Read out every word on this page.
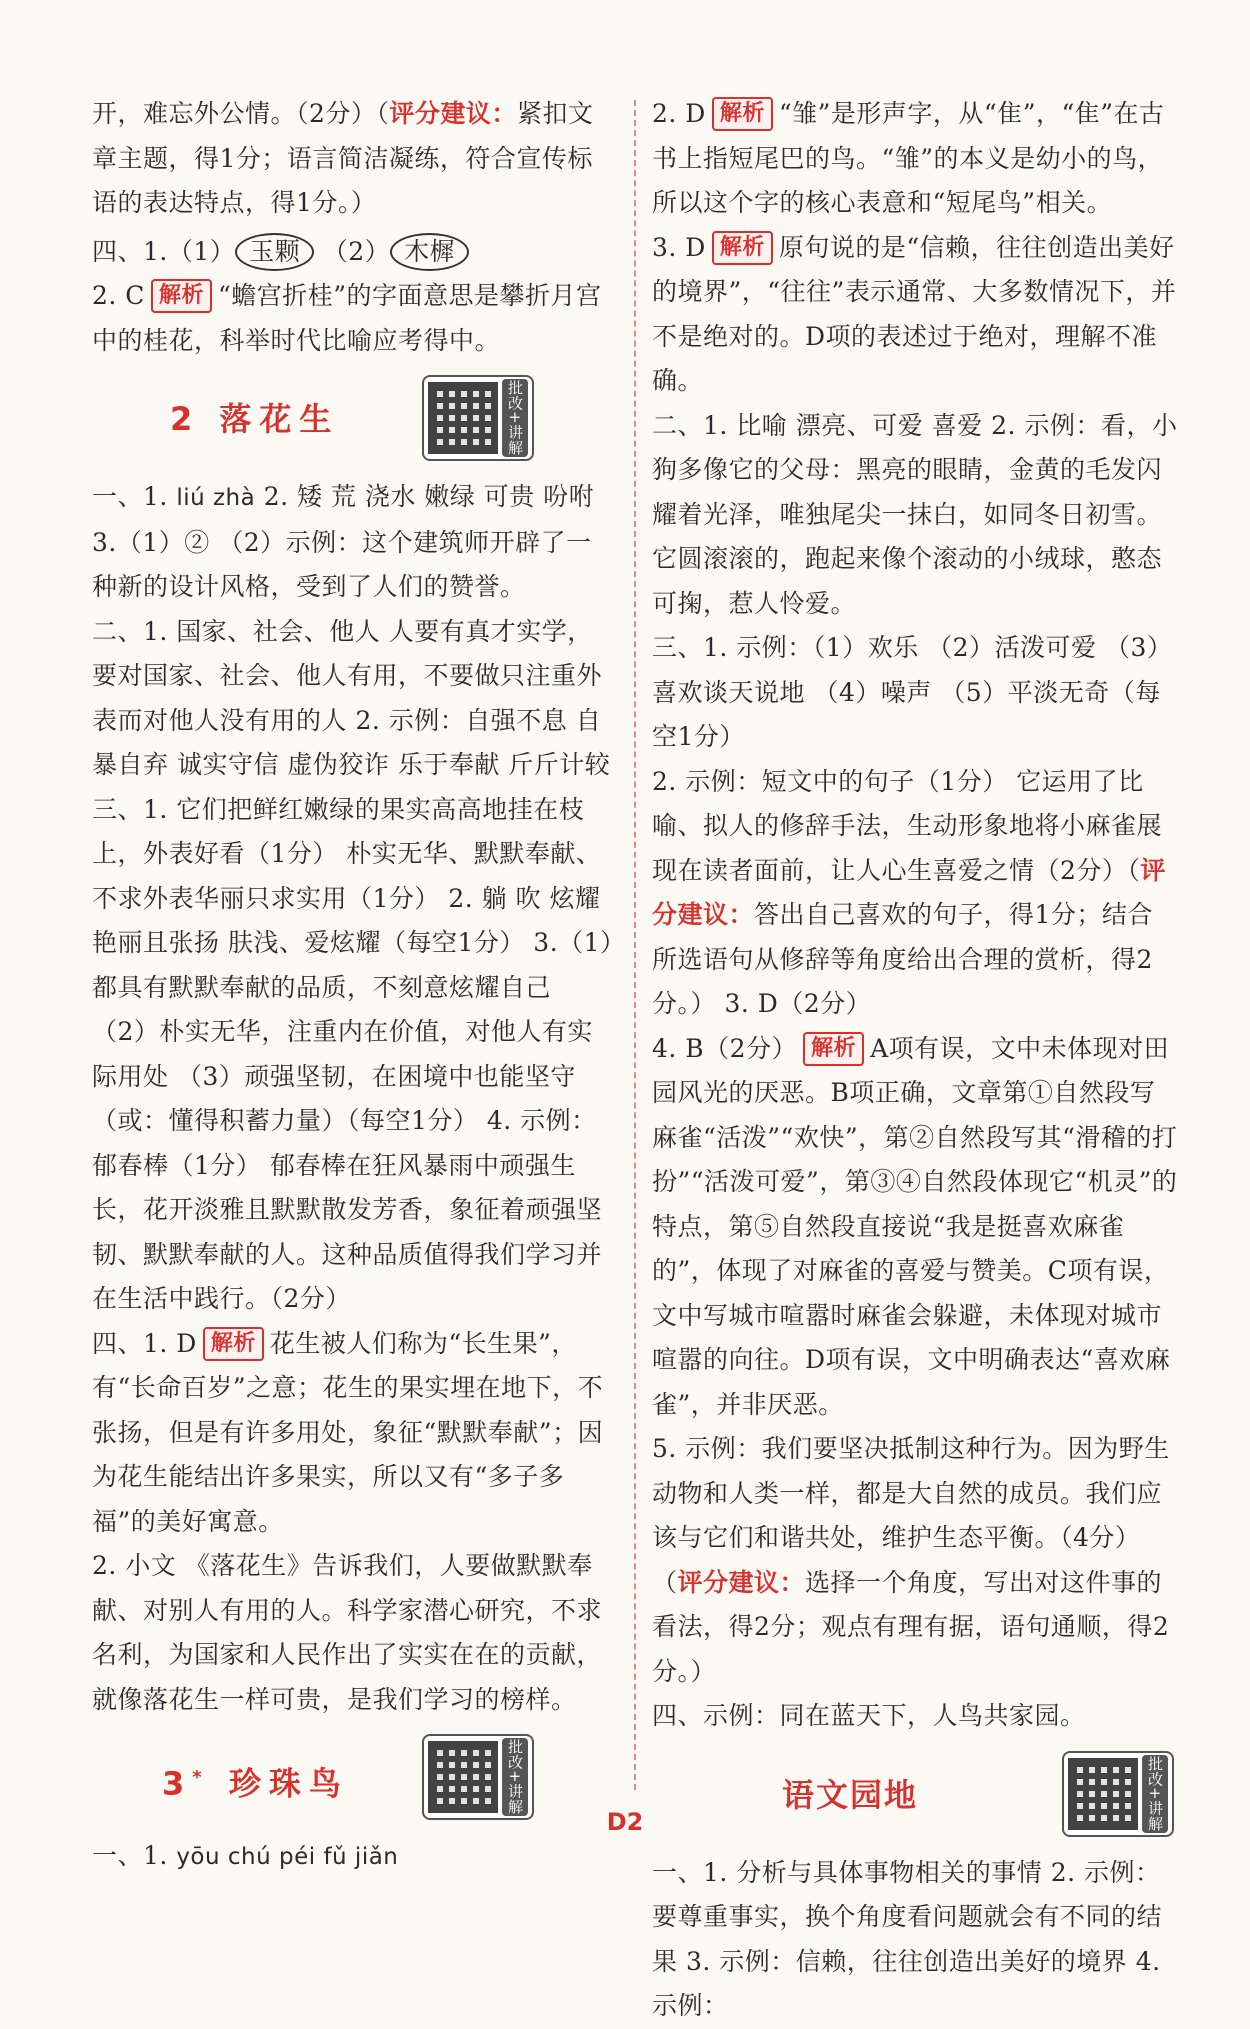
开，难忘外公情。（2分）（评分建议：紧扣文章主题，得1分；语言简洁凝练，符合宣传标语的表达特点，得1分。）

四、1.（1） 玉颗 （2） 木樨

2. C 解析 “蟾宫折桂”的字面意思是攀折月宫中的桂花，科举时代比喻应考得中。

2 落花生	批改+讲解

一、1. liú zhà 2. 矮 荒 浇水 嫩绿 可贵 吩咐 3.（1）② （2）示例：这个建筑师开辟了一种新的设计风格，受到了人们的赞誉。

二、1. 国家、社会、他人 人要有真才实学，要对国家、社会、他人有用，不要做只注重外表而对他人没有用的人 2. 示例：自强不息 自暴自弃 诚实守信 虚伪狡诈 乐于奉献 斤斤计较

三、1. 它们把鲜红嫩绿的果实高高地挂在枝上，外表好看（1分） 朴实无华、默默奉献、不求外表华丽只求实用（1分） 2. 躺 吹 炫耀 艳丽且张扬 肤浅、爱炫耀（每空1分） 3.（1）都具有默默奉献的品质，不刻意炫耀自己 （2）朴实无华，注重内在价值，对他人有实际用处 （3）顽强坚韧，在困境中也能坚守（或：懂得积蓄力量）（每空1分） 4. 示例：郁春棒（1分） 郁春棒在狂风暴雨中顽强生长，花开淡雅且默默散发芳香，象征着顽强坚韧、默默奉献的人。这种品质值得我们学习并在生活中践行。（2分）

四、1. D 解析 花生被人们称为“长生果”，有“长命百岁”之意；花生的果实埋在地下，不张扬，但是有许多用处，象征“默默奉献”；因为花生能结出许多果实，所以又有“多子多福”的美好寓意。

2. 小文 《落花生》告诉我们，人要做默默奉献、对别人有用的人。科学家潜心研究，不求名利，为国家和人民作出了实实在在的贡献，就像落花生一样可贵，是我们学习的榜样。

3* 珍珠鸟	批改+讲解

一、1. yōu chú péi fǔ jiǎn

2. D 解析 “雏”是形声字，从“隹”，“隹”在古书上指短尾巴的鸟。“雏”的本义是幼小的鸟，所以这个字的核心表意和“短尾鸟”相关。

3. D 解析 原句说的是“信赖，往往创造出美好的境界”，“往往”表示通常、大多数情况下，并不是绝对的。D项的表述过于绝对，理解不准确。

二、1. 比喻 漂亮、可爱 喜爱 2. 示例：看，小狗多像它的父母：黑亮的眼睛，金黄的毛发闪耀着光泽，唯独尾尖一抹白，如同冬日初雪。它圆滚滚的，跑起来像个滚动的小绒球，憨态可掬，惹人怜爱。

三、1. 示例：（1）欢乐 （2）活泼可爱 （3）喜欢谈天说地 （4）噪声 （5）平淡无奇（每空1分）

2. 示例：短文中的句子（1分） 它运用了比喻、拟人的修辞手法，生动形象地将小麻雀展现在读者面前，让人心生喜爱之情（2分）（评分建议：答出自己喜欢的句子，得1分；结合所选语句从修辞等角度给出合理的赏析，得2分。） 3. D（2分）

4. B（2分） 解析 A项有误，文中未体现对田园风光的厌恶。B项正确，文章第①自然段写麻雀“活泼”“欢快”，第②自然段写其“滑稽的打扮”“活泼可爱”，第③④自然段体现它“机灵”的特点，第⑤自然段直接说“我是挺喜欢麻雀的”，体现了对麻雀的喜爱与赞美。C项有误，文中写城市喧嚣时麻雀会躲避，未体现对城市喧嚣的向往。D项有误，文中明确表达“喜欢麻雀”，并非厌恶。

5. 示例：我们要坚决抵制这种行为。因为野生动物和人类一样，都是大自然的成员。我们应该与它们和谐共处，维护生态平衡。（4分）（评分建议：选择一个角度，写出对这件事的看法，得2分；观点有理有据，语句通顺，得2分。）

四、示例：同在蓝天下，人鸟共家园。

语文园地	批改+讲解

一、1. 分析与具体事物相关的事情 2. 示例：要尊重事实，换个角度看问题就会有不同的结果 3. 示例：信赖，往往创造出美好的境界 4. 示例：

D2
